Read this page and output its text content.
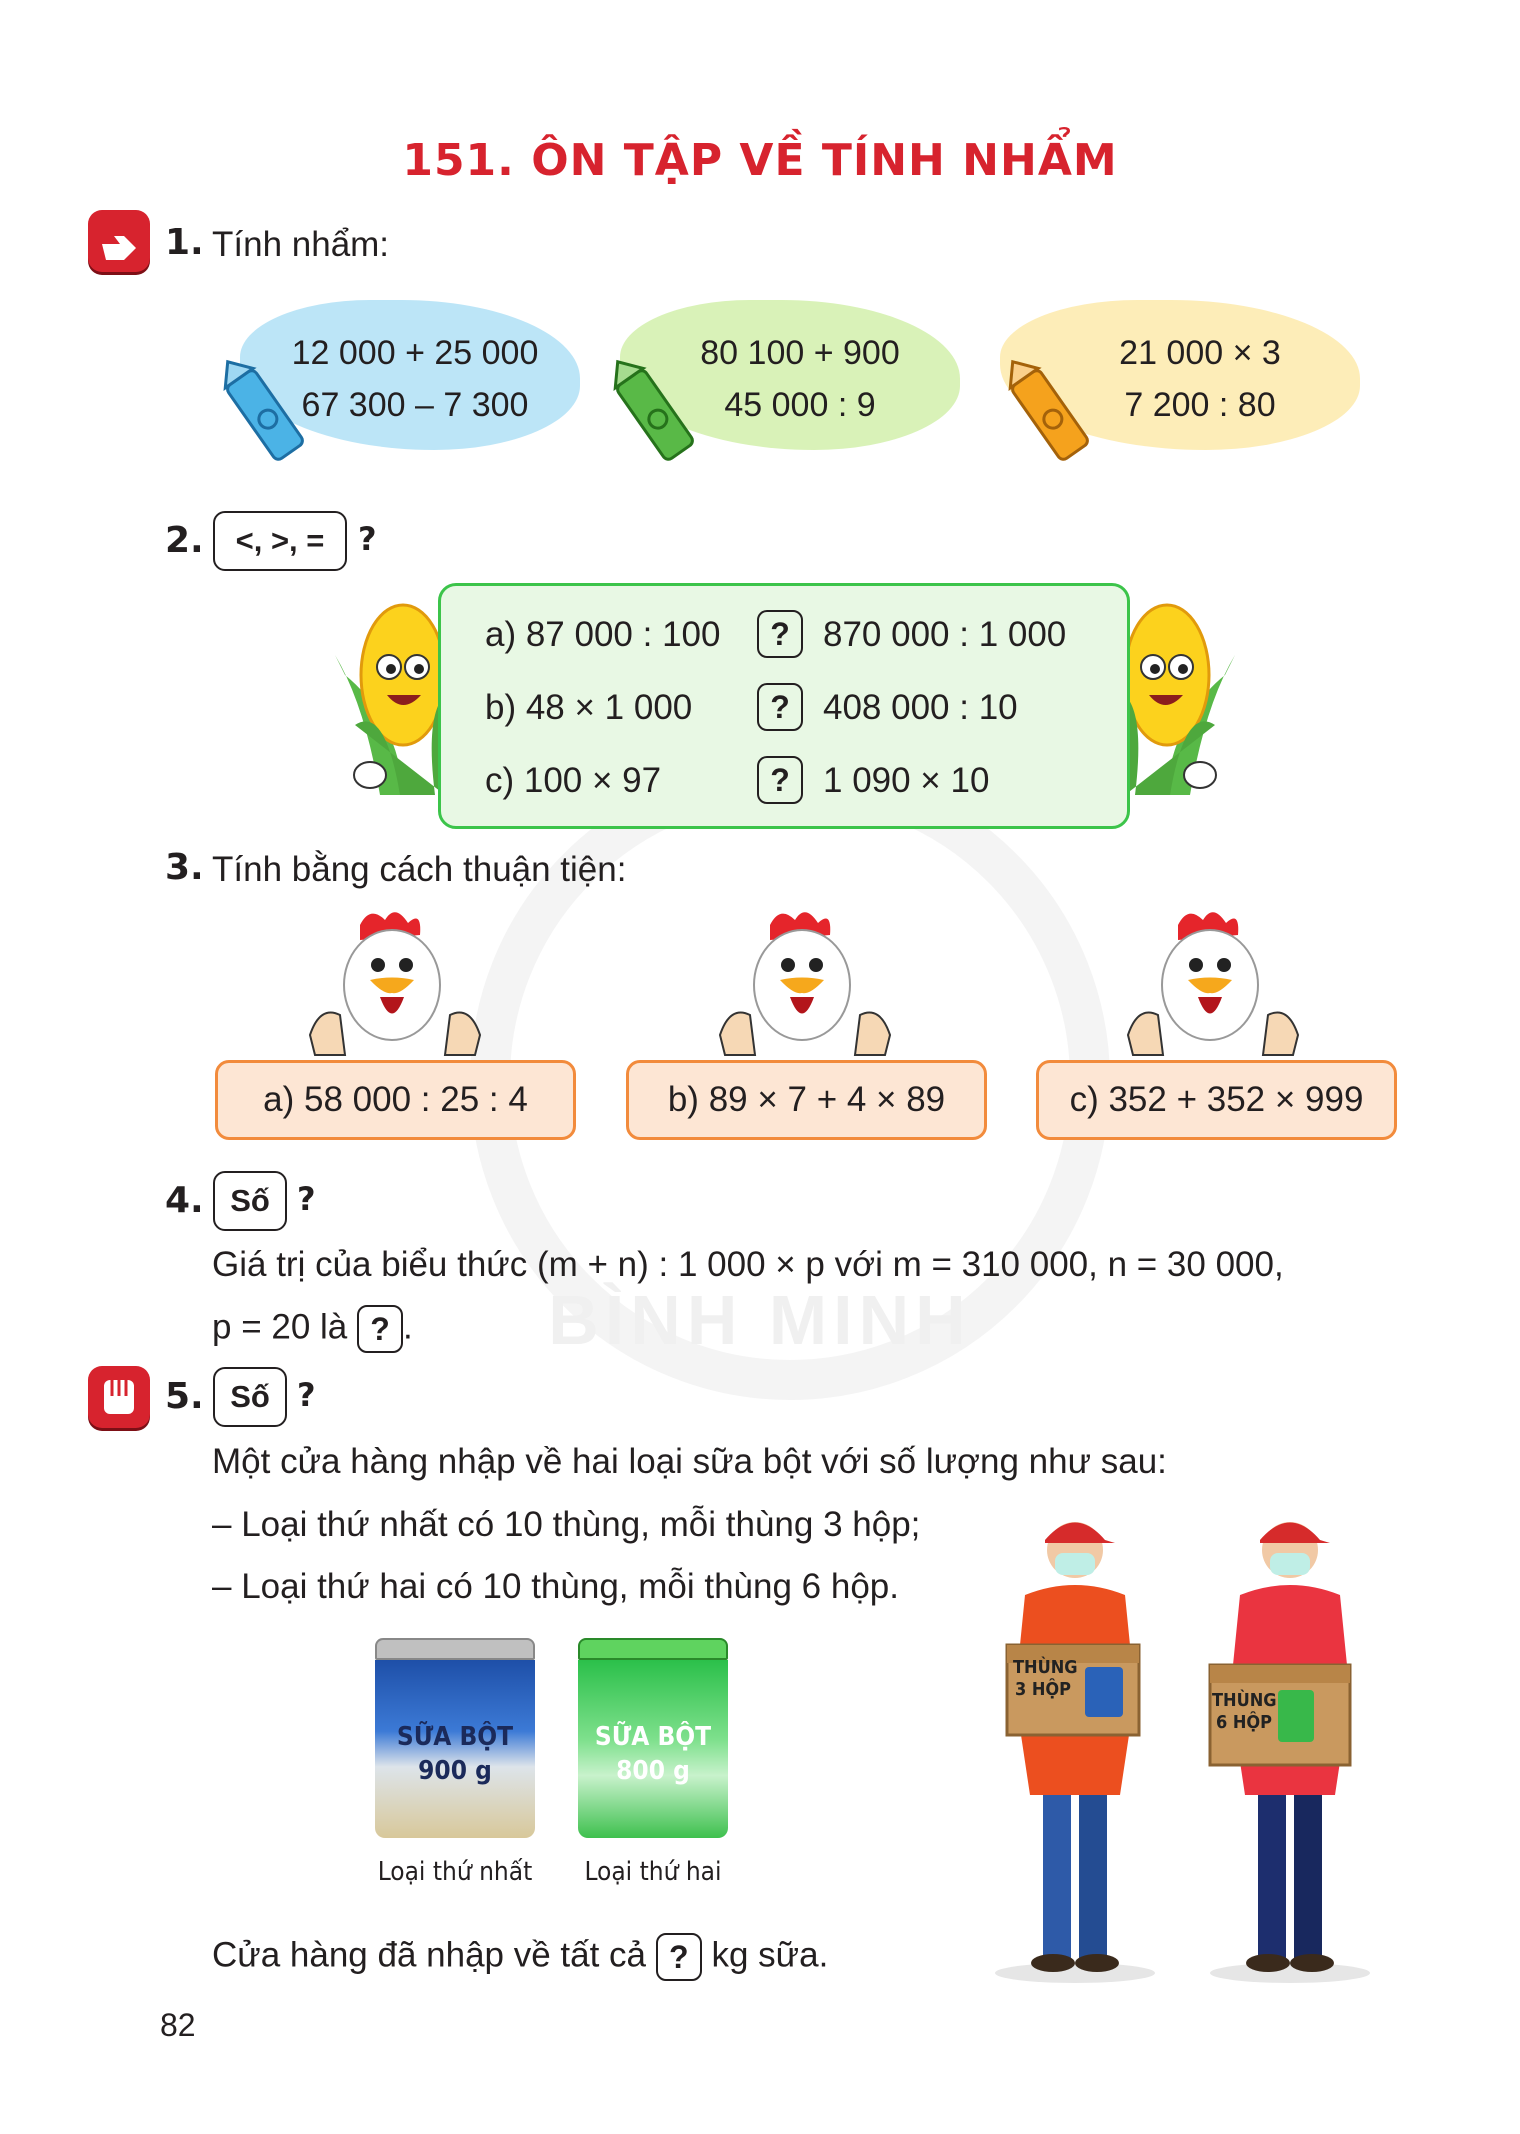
BÌNH MINH
151. ÔN TẬP VỀ TÍNH NHẨM
1. Tính nhẩm:
12 000 + 25 000
67 300 – 7 300
80 100 + 900
45 000 : 9
21 000 × 3
7 200 : 80
2.	<, >, =	?
a) 87 000 : 100	? 870 000 : 1 000
b) 48 × 1 000	? 408 000 : 10
c) 100 × 97	? 1 090 × 10
3. Tính bằng cách thuận tiện:
a) 58 000 : 25 : 4	b) 89 × 7 + 4 × 89	c) 352 + 352 × 999
4. Số ?
Giá trị của biểu thức (m + n) : 1 000 × p với m = 310 000, n = 30 000,
p = 20 là ? .
5. Số ?
Một cửa hàng nhập về hai loại sữa bột với số lượng như sau:
– Loại thứ nhất có 10 thùng, mỗi thùng 3 hộp;
– Loại thứ hai có 10 thùng, mỗi thùng 6 hộp.
SỮA BỘT
900 g
Loại thứ nhất
SỮA BỘT
800 g
Loại thứ hai
THÙNG
3 HỘP
THÙNG
6 HỘP
Cửa hàng đã nhập về tất cả ? kg sữa.
82
